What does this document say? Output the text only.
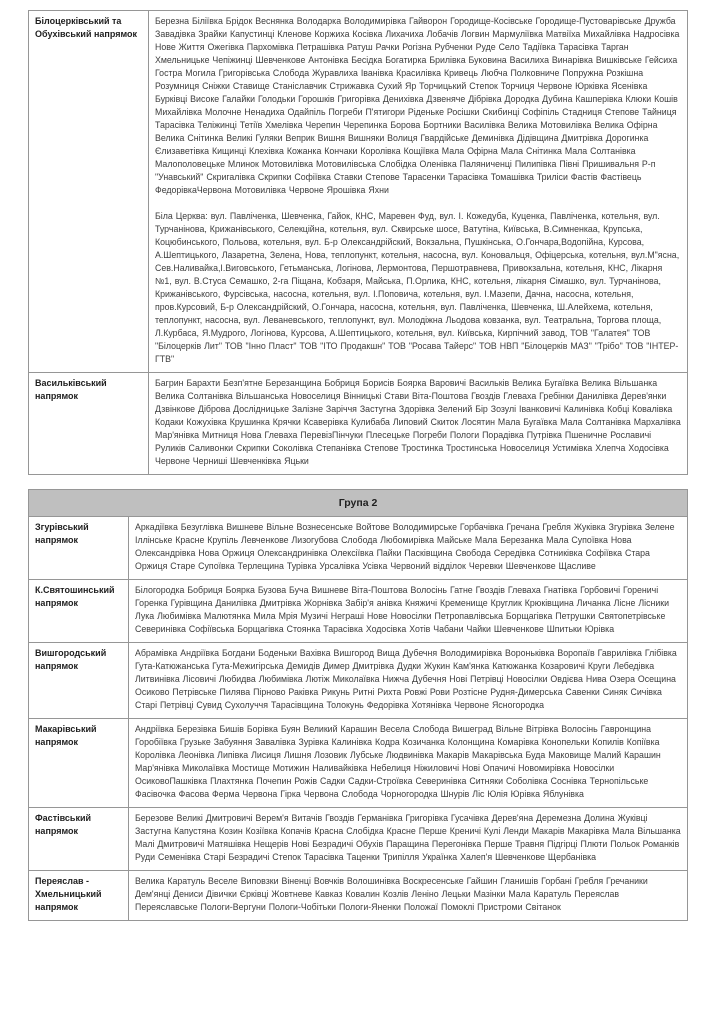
Білоцерківський та Обухівський напрямок	Березна Біліївка Брідок Веснянка Володарка Володимирівка Гайворон Городище-Косівське Городище-Пустоварівське Дружба Завадівка Зрайки Капустинці Кленове Коржиха Косівка Лихачиха Лобачів Логвин Мармуліївка Матвіїха Михайлівка Надросівка Нове Життя Ожегівка Пархомівка Петрашівка Ратуш Рачки Рогізна Рубченки Руде Село Тадіївка Тарасівка Тарган Хмельницьке Чепіжинці Шевченкове Антонівка Бесідка Богатирка Брилівка Буковина Василиха Винарівка Вишківське Гейсиха Гостра Могила Григорівська Слобода Журавлиха Іванівка Красилівка Кривець Любча Полковниче Попружна Розкішна Розумниця Сніжки Ставище Станіславчик Стрижавка Сухий Яр Торчицький Степок Торчиця Червоне Юрківка Ясенівка Бурківці Високе Галайки Голодьки Горошків Григорівка Денихівка Дзвеняче Дібрівка Дородка Дубина Кашперівка Клюки Кошів Михайлівка Молочне Ненадиха Одайпіль Погреби П'ятигори Ріденьке Росішки Скибинці Софіпіль Стадниця Степове Тайниця Тарасівка Теліжинці Тетіїв Хмелівка Черепин Черепинка Борова Бортники Василівка Велика Мотовилівка Велика Офірна Велика Снітинка Великі Гуляки Веприк Вишня Вишняки Волиця Гвардійське Деминівка Дідівщина Дмитрівка Дорогинка Єлизаветівка Кищинці Клехівка Кожанка Кончаки Королівка Кощіївка Мала Офірна Мала Снітинка Мала Солтанівка Малополовецьке Млинок Мотовилівка Мотовилівська Слобідка Оленівка Паляниченці Пилипівка Півні Пришивальня Р-п "Унавський" Скригалівка Скрипки Софіївка Ставки Степове Тарасенки Тарасівка Томашівка Триліси Фастів Фастівець ФедорівкаЧервона Мотовилівка Червоне Ярошівка Яхни

Біла Церква: вул. Павліченка, Шевченка, Гайок, КНС, Маревен Фуд, вул. І. Кожедуба, Куценка, Павліченка, котельня, вул. Турчанінова, Крижанівського, Селекційна, котельня, вул. Сквирське шосе, Ватутіна, Київська, В.Симненкаа, Крупська, Коцюбинського, Польова, котельня, вул. Б-р Олександрійский, Вокзальна, Пушкінська, О.Гончара,Водопійна, Курсова, А.Шептицького, Лазаретна, Зелена, Нова, теплопункт, котельня, насосна, вул. Коновальця, Офіцерська, котельня, вул.М"ясна, Сев.Наливайка,І.Виговського, Гетьманська, Логінова, Лермонтова, Першотравнева, Привокзальна, котельня, КНС, Лікарня №1, вул. В.Стуса Семашко, 2-га Піщана, Кобзаря, Майська, П.Орлика, КНС, котельня, лікарня Сімашко, вул. Турчанінова, Крижанівського, Фурсівська, насосна, котельня, вул. І.Поповича, котельня, вул. І.Мазепи, Дачна, насосна, котельня, пров.Курсовий, Б-р Олександрійский, О.Гончара, насосна, котельня, вул. Павліченка, Шевченка, Ш.Алейхема, котельня, теплопункт, насосна, вул. Леваневського, теплопункт, вул. Молодіжна Льодова ковзанка, вул. Театральна, Торгова площа, Л.Курбаса, Я.Мудрого, Логінова, Курсова, А.Шептицького, котельня, вул. Київська, Кирпічний завод, ТОВ "Галатея" ТОВ "Білоцерків Лит" ТОВ "Інно Пласт" ТОВ "ІТО Продакшн" ТОВ "Росава Тайерс" ТОВ НВП "Білоцерків МАЗ" "Трібо" ТОВ "ІНТЕР-ГТВ"

Васильківський напрямок	Багрин Барахти Безп'ятне Березанщина Бобриця Борисів Боярка Варовичі Васильків Велика Бугаївка Велика Вільшанка Велика Солтанівка Вільшанська Новоселиця Вінницькі Стави Віта-Поштова Гвоздів Глеваха Гребінки Данилівка Дерев'янки Дзвінкове Діброва Дослідницьке Залізне Заріччя Застугна Здорівка Зелений Бір Зозулі Іванковичі Калинівка Кобці Ковалівка Кодаки Кожухівка Крушинка Крячки Ксаверівка Кулибаба Липовий Скиток Лосятин Мала Бугаївка Мала Солтанівка Мархалівка Мар'янівка Митниця Нова Глеваха ПеревізПінчуки Плесецьке Погреби Пологи Порадівка Путрівка Пшеничне Рославичі Руликів Саливонки Скрипки Соколівка Степанівка Степове Тростинка Тростинська Новоселиця Устимівка Хлепча Ходосівка Червоне Черниші Шевченківка Яцьки

Група 2	
Згурівський напрямок	Аркадіївка Безуглівка Вишневе Вільне Вознесенське Войтове Володимирське Горбачівка Гречана Гребля Жуківка Згурівка Зелене Іллінське Красне Крупіль Левченкове Лизогубова Слобода Любомирівка Майське Мала Березанка Мала Супоївка Нова Олександрівка Нова Оржиця Олександринівка Олексіївка Пайки Пасківщина Свобода Середівка Сотниківка Софіївка Стара Оржиця Старе Супоївка Терлещина Турівка Урсалівка Усівка Червоний відділок Черевки Шевченкове Щасливе

К.Святошинський напрямок	Білогородка Бобриця Боярка Бузова Буча Вишневе Віта-Поштова Волосінь Гатне Гвоздів Глеваха Гнатівка Горбовичі Гореничі Горенка Гурівщина Данилівка Дмитрівка Жорнівка Забір'я анівка Княжичі Кременище Круглик Крюківщина Личанка Лісне Лісники Лука Любимівка Малютянка Мила Мрія Музичі Неграші Нове Новосілки Петропавлівська Борщагівка Петрушки Святопетрівське Северинівка Софіївська Борщагівка Стоянка Тарасівка Ходосівка Хотів Чабани Чайки Шевченкове Шпитьки Юрівка

Вишгородський напрямок	Абрамівка Андріївка Богдани Боденьки Вахівка Вишгород Вища Дубечня Володимирівка Вороньківка Воропаїв Гаврилівка Глібівка Гута-Катюжанська Гута-Межигірська Демидів Димер Дмитрівка Дудки Жукин Кам'янка Катюжанка Козаровичі Круги Лебедівка Литвинівка Лісовичі Любидва Любимівка Лютіж Миколаївка Нижча Дубечня Нові Петрівці Новосілки Овдієва Нива Озера Осещина Осиково Петрівське Пилява Пірново Раківка Рикунь Ритні Рихта Ровжі Рови Розтісне Рудня-Димерська Савенки Синяк Сичівка Старі Петрівці Сувид Сухолуччя Тарасівщина Толокунь Федорівка Хотянівка Червоне Ясногородка

Макарівський напрямок	Андріївка Березівка Бишів Борівка Буян Великий Карашин Весела Слобода Вишеград Вільне Вітрівка Волосінь Гавронщина Горобіївка Грузьке Забуяння Завалівка Зурівка Калинівка Кодра Козичанка Колонщина Комарівка Конопельки Копилів Копіївка Королівка Леонівка Липівка Лисиця Лишня Лозовик Лубське Людвинівка Макарів Макарівська Буда Маковище Малий Карашин Мар'янівка Миколаївка Мостище Мотижин Наливайківка Небелиця Ніжиловичі Нові Опачичі Новомирівка Новосілки ОсиковоПашківка Плахтянка Почепин Рожів Садки Садки-Строївка Северинівка Ситняки Соболівка Соснівка Тернопільське Фасівочка Фасова Ферма Червона Гірка Червона Слобода Чорногородка Шнурів Ліс Юлія Юрівка Яблунівка

Фастівський напрямок	Березове Великі Дмитровичі Верем'я Витачів Гвоздів Германівка Григорівка Гусачівка Дерев'яна Деремезна Долина Жуківці Застугна Капустяна Козин Козіївка Копачів Красна Слобідка Красне Перше Креничі Кулі Ленди Макарів Макарівка Мала Вільшанка Малі Дмитровичі Матяшівка Нещерів Нові Безрадичі Обухів Паращина Перегонівка Перше Травня Підгірці Плюти Польок Романків Руди Семенівка Старі Безрадичі Степок Тарасівка Таценки Трипілля Українка Халеп'я Шевченкове Щербанівка

Переяслав - Хмельницький напрямок	Велика Каратуль Веселе Виповзки Віненці Вовчків Волошинівка Воскресенське Гайшин Гланишів Горбані Гребля Гречаники Дем'янці Дениси Дівички Єрківці Жовтневе Кавказ Ковалин Козлів Леніно Лецьки Мазінки Мала Каратуль Переяслав Переяславське Пологи-Вергуни Пологи-Чобітьки Пологи-Яненки Положаї Помоклі Пристроми Світанок
